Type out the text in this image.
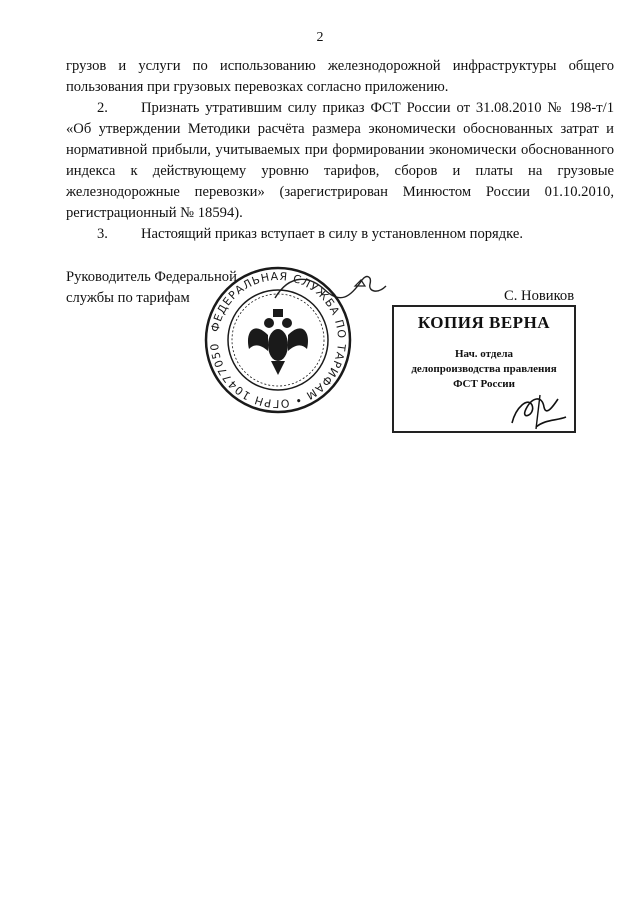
2

грузов и услуги по использованию железнодорожной инфраструктуры общего пользования при грузовых перевозках согласно приложению.

2. Признать утратившим силу приказ ФСТ России от 31.08.2010 № 198-т/1 «Об утверждении Методики расчёта размера экономически обоснованных затрат и нормативной прибыли, учитываемых при формировании экономически обоснованного индекса к действующему уровню тарифов, сборов и платы на грузовые железнодорожные перевозки» (зарегистрирован Минюстом России 01.10.2010, регистрационный № 18594).

3. Настоящий приказ вступает в силу в установленном порядке.

Руководитель Федеральной
службы по тарифам	С. Новиков
ФЕДЕРАЛЬНАЯ СЛУЖБА ПО ТАРИФАМ • ОГРН 10477050
КОПИЯ ВЕРНА
Нач. отдела
делопроизводства правления
ФСТ России
